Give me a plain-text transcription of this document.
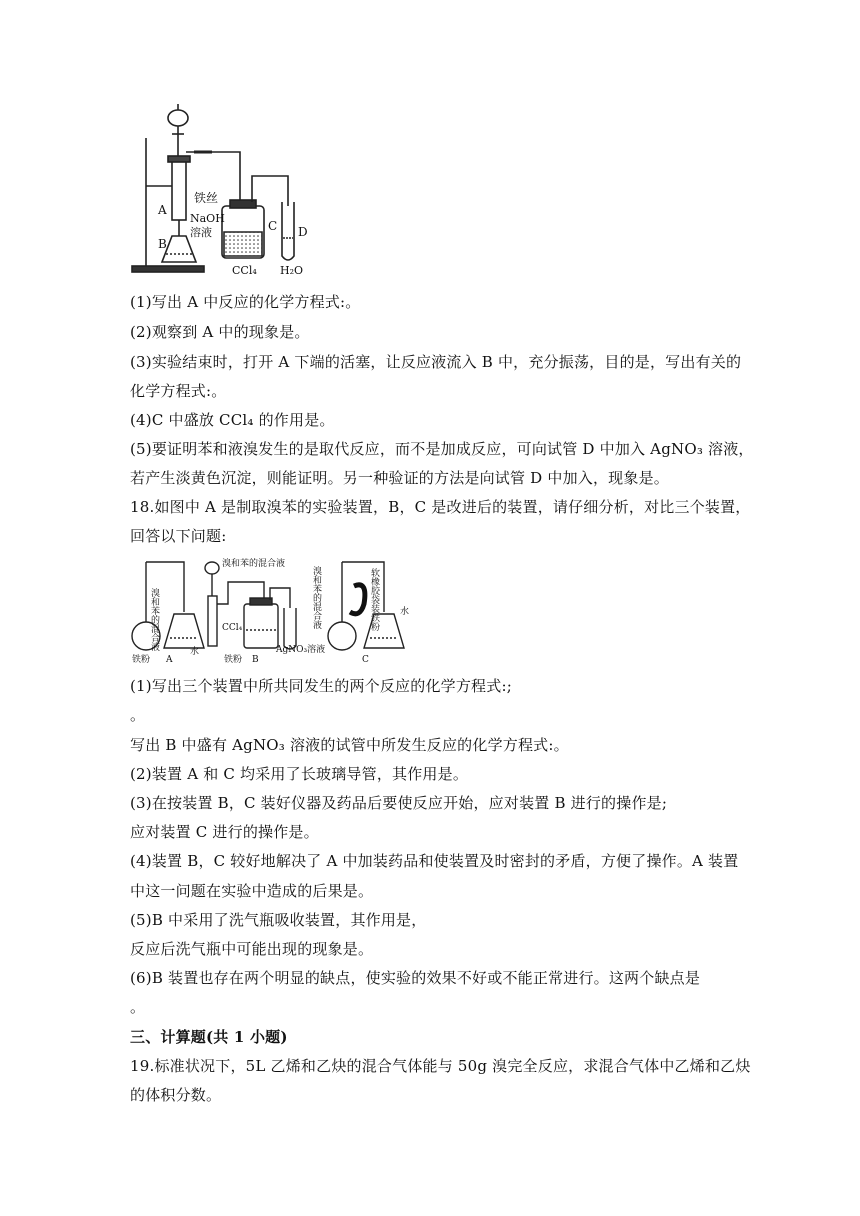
铁丝
A
NaOH
溶液
B
C D
CCl₄ H₂O
(1)写出 A 中反应的化学方程式:。
(2)观察到 A 中的现象是。
(3)实验结束时，打开 A 下端的活塞，让反应液流入 B 中，充分振荡，目的是，写出有关的
化学方程式:。
(4)C 中盛放 CCl₄ 的作用是。
(5)要证明苯和液溴发生的是取代反应，而不是加成反应，可向试管 D 中加入 AgNO₃ 溶液，
若产生淡黄色沉淀，则能证明。另一种验证的方法是向试管 D 中加入，现象是。
18.如图中 A 是制取溴苯的实验装置，B，C 是改进后的装置，请仔细分析，对比三个装置，
回答以下问题:
溴和苯的混合液
铁粉
水
A
溴和苯的混合液
CCl₄
铁粉
AgNO₃溶液
B
溴和苯的混合液	软橡胶袋装铁粉 水
C
(1)写出三个装置中所共同发生的两个反应的化学方程式:;
。
写出 B 中盛有 AgNO₃ 溶液的试管中所发生反应的化学方程式:。
(2)装置 A 和 C 均采用了长玻璃导管，其作用是。
(3)在按装置 B，C 装好仪器及药品后要使反应开始，应对装置 B 进行的操作是;
应对装置 C 进行的操作是。
(4)装置 B，C 较好地解决了 A 中加装药品和使装置及时密封的矛盾，方便了操作。A 装置
中这一问题在实验中造成的后果是。
(5)B 中采用了洗气瓶吸收装置，其作用是，
反应后洗气瓶中可能出现的现象是。
(6)B 装置也存在两个明显的缺点，使实验的效果不好或不能正常进行。这两个缺点是
。
三、计算题(共 1 小题)
19.标准状况下，5L 乙烯和乙炔的混合气体能与 50g 溴完全反应，求混合气体中乙烯和乙炔
的体积分数。
